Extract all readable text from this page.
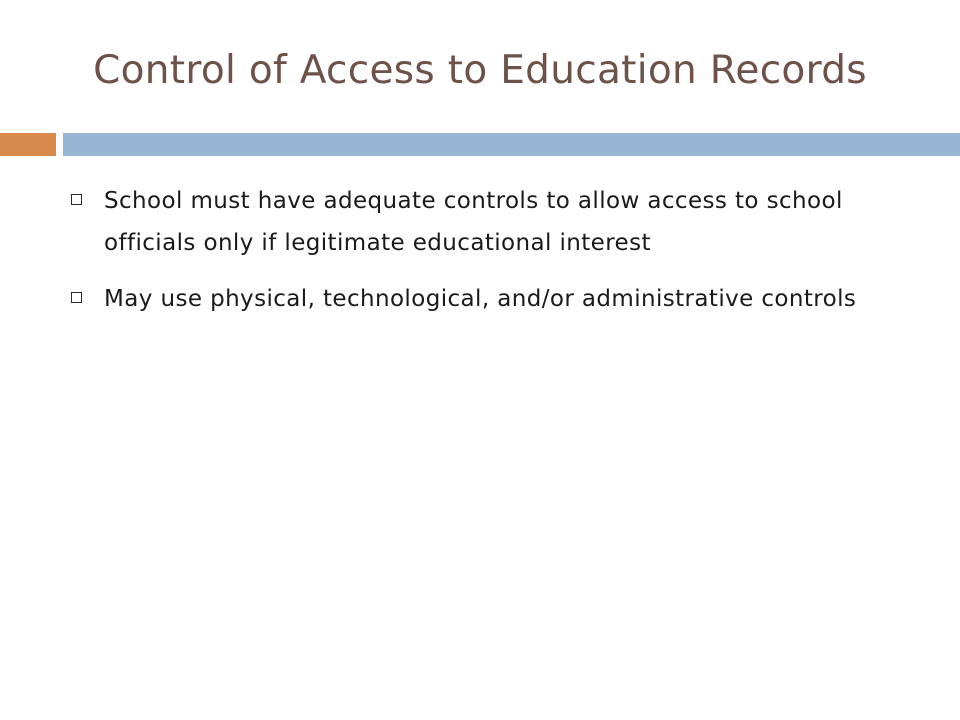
Control of Access to Education Records
School must have adequate controls to allow access to school officials only if legitimate educational interest
May use physical, technological, and/or administrative controls
